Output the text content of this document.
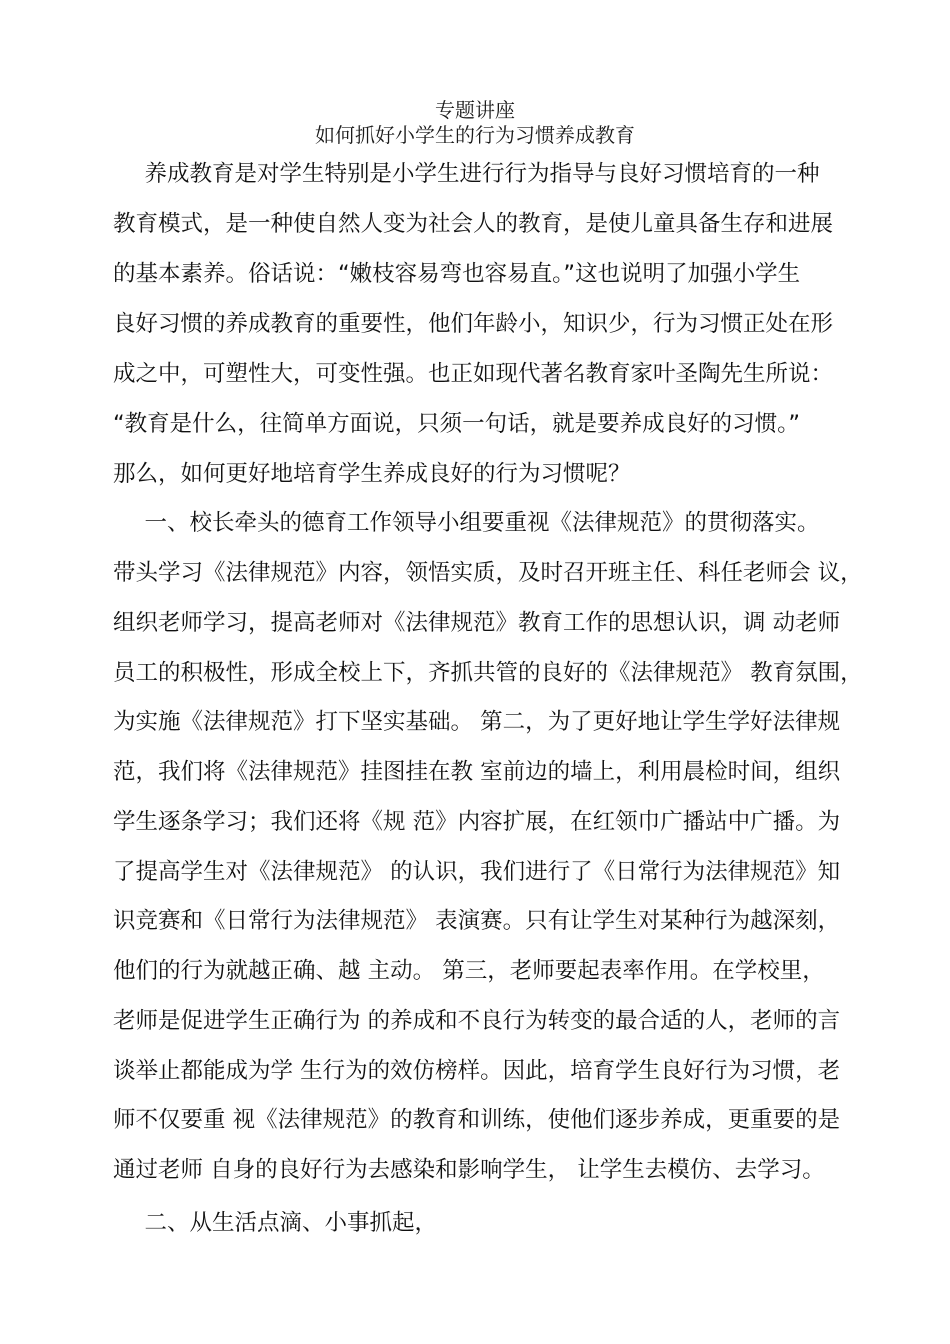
专题讲座
如何抓好小学生的行为习惯养成教育
　养成教育是对学生特别是小学生进行行为指导与良好习惯培育的一种
教育模式，是一种使自然人变为社会人的教育，是使儿童具备生存和进展
的基本素养。俗话说：“嫩枝容易弯也容易直。”这也说明了加强小学生
良好习惯的养成教育的重要性，他们年龄小，知识少，行为习惯正处在形
成之中，可塑性大，可变性强。也正如现代著名教育家叶圣陶先生所说：
“教育是什么，往简单方面说，只须一句话，就是要养成良好的习惯。”
那么，如何更好地培育学生养成良好的行为习惯呢？
　一、校长牵头的德育工作领导小组要重视《法律规范》的贯彻落实。
带头学习《法律规范》内容，领悟实质，及时召开班主任、科任老师会 议，
组织老师学习，提高老师对《法律规范》教育工作的思想认识，调 动老师
员工的积极性，形成全校上下，齐抓共管的良好的《法律规范》 教育氛围，
为实施《法律规范》打下坚实基础。 第二，为了更好地让学生学好法律规
范，我们将《法律规范》挂图挂在教 室前边的墙上，利用晨检时间，组织
学生逐条学习；我们还将《规 范》内容扩展，在红领巾广播站中广播。为
了提高学生对《法律规范》 的认识，我们进行了《日常行为法律规范》知
识竞赛和《日常行为法律规范》 表演赛。只有让学生对某种行为越深刻，
他们的行为就越正确、越 主动。 第三，老师要起表率作用。在学校里，
老师是促进学生正确行为 的养成和不良行为转变的最合适的人，老师的言
谈举止都能成为学 生行为的效仿榜样。因此，培育学生良好行为习惯，老
师不仅要重 视《法律规范》的教育和训练，使他们逐步养成，更重要的是
通过老师 自身的良好行为去感染和影响学生， 让学生去模仿、去学习。
　二、从生活点滴、小事抓起，
